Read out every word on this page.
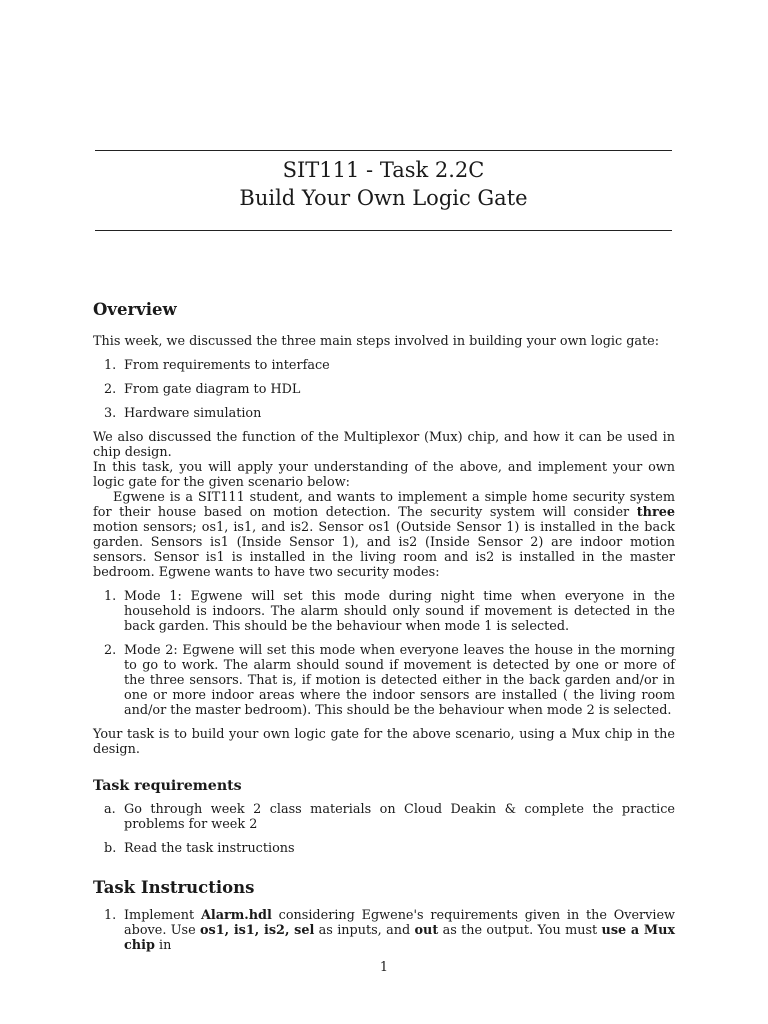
SIT111 - Task 2.2C
Build Your Own Logic Gate
Overview

This week, we discussed the three main steps involved in building your own logic gate:

1. From requirements to interface
2. From gate diagram to HDL
3. Hardware simulation

We also discussed the function of the Multiplexor (Mux) chip, and how it can be used in chip design.

In this task, you will apply your understanding of the above, and implement your own logic gate for the given scenario below:

Egwene is a SIT111 student, and wants to implement a simple home security system for their house based on motion detection. The security system will consider three motion sensors; os1, is1, and is2. Sensor os1 (Outside Sensor 1) is installed in the back garden. Sensors is1 (Inside Sensor 1), and is2 (Inside Sensor 2) are indoor motion sensors. Sensor is1 is installed in the living room and is2 is installed in the master bedroom. Egwene wants to have two security modes:

1. Mode 1: Egwene will set this mode during night time when everyone in the household is indoors. The alarm should only sound if movement is detected in the back garden. This should be the behaviour when mode 1 is selected.
2. Mode 2: Egwene will set this mode when everyone leaves the house in the morning to go to work. The alarm should sound if movement is detected by one or more of the three sensors. That is, if motion is detected either in the back garden and/or in one or more indoor areas where the indoor sensors are installed ( the living room and/or the master bedroom). This should be the behaviour when mode 2 is selected.

Your task is to build your own logic gate for the above scenario, using a Mux chip in the design.

Task requirements
a. Go through week 2 class materials on Cloud Deakin & complete the practice problems for week 2
b. Read the task instructions
Task Instructions
1. Implement Alarm.hdl considering Egwene's requirements given in the Overview above. Use os1, is1, is2, sel as inputs, and out as the output. You must use a Mux chip in
1
